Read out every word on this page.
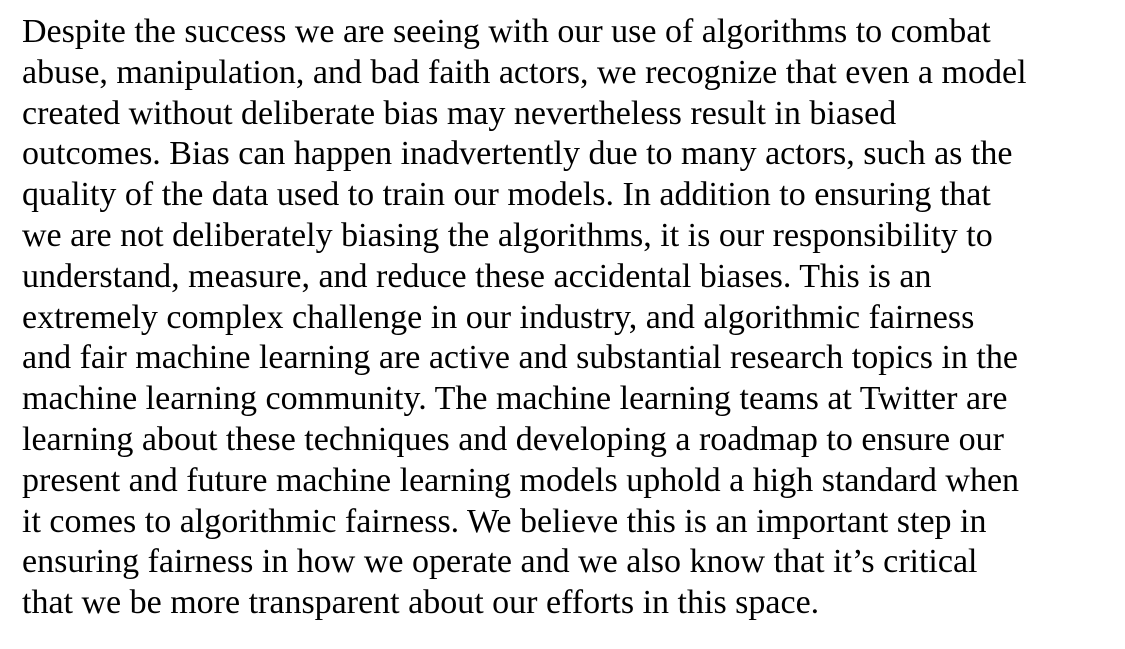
Despite the success we are seeing with our use of algorithms to combat
abuse, manipulation, and bad faith actors, we recognize that even a model
created without deliberate bias may nevertheless result in biased
outcomes. Bias can happen inadvertently due to many actors, such as the
quality of the data used to train our models. In addition to ensuring that
we are not deliberately biasing the algorithms, it is our responsibility to
understand, measure, and reduce these accidental biases. This is an
extremely complex challenge in our industry, and algorithmic fairness
and fair machine learning are active and substantial research topics in the
machine learning community. The machine learning teams at Twitter are
learning about these techniques and developing a roadmap to ensure our
present and future machine learning models uphold a high standard when
it comes to algorithmic fairness. We believe this is an important step in
ensuring fairness in how we operate and we also know that it’s critical
that we be more transparent about our efforts in this space.
